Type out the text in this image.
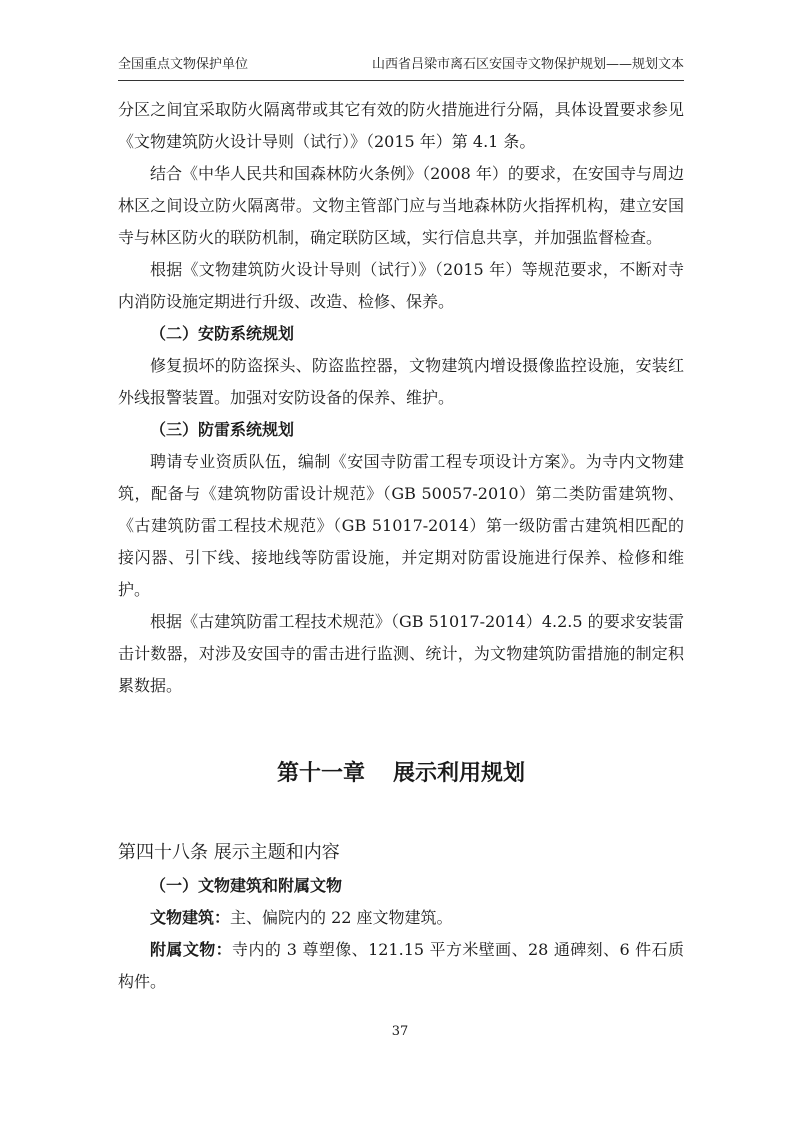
全国重点文物保护单位	山西省吕梁市离石区安国寺文物保护规划——规划文本

分区之间宜采取防火隔离带或其它有效的防火措施进行分隔，具体设置要求参见《文物建筑防火设计导则（试行）》（2015 年）第 4.1 条。

结合《中华人民共和国森林防火条例》（2008 年）的要求，在安国寺与周边林区之间设立防火隔离带。文物主管部门应与当地森林防火指挥机构，建立安国寺与林区防火的联防机制，确定联防区域，实行信息共享，并加强监督检查。

根据《文物建筑防火设计导则（试行）》（2015 年）等规范要求，不断对寺内消防设施定期进行升级、改造、检修、保养。

（二）安防系统规划

修复损坏的防盗探头、防盗监控器，文物建筑内增设摄像监控设施，安装红外线报警装置。加强对安防设备的保养、维护。

（三）防雷系统规划

聘请专业资质队伍，编制《安国寺防雷工程专项设计方案》。为寺内文物建筑，配备与《建筑物防雷设计规范》（GB 50057-2010）第二类防雷建筑物、《古建筑防雷工程技术规范》（GB 51017-2014）第一级防雷古建筑相匹配的接闪器、引下线、接地线等防雷设施，并定期对防雷设施进行保养、检修和维护。

根据《古建筑防雷工程技术规范》（GB 51017-2014）4.2.5 的要求安装雷击计数器，对涉及安国寺的雷击进行监测、统计，为文物建筑防雷措施的制定积累数据。

第十一章 展示利用规划

第四十八条 展示主题和内容

（一）文物建筑和附属文物

文物建筑：主、偏院内的 22 座文物建筑。

附属文物：寺内的 3 尊塑像、121.15 平方米壁画、28 通碑刻、6 件石质构件。

37
